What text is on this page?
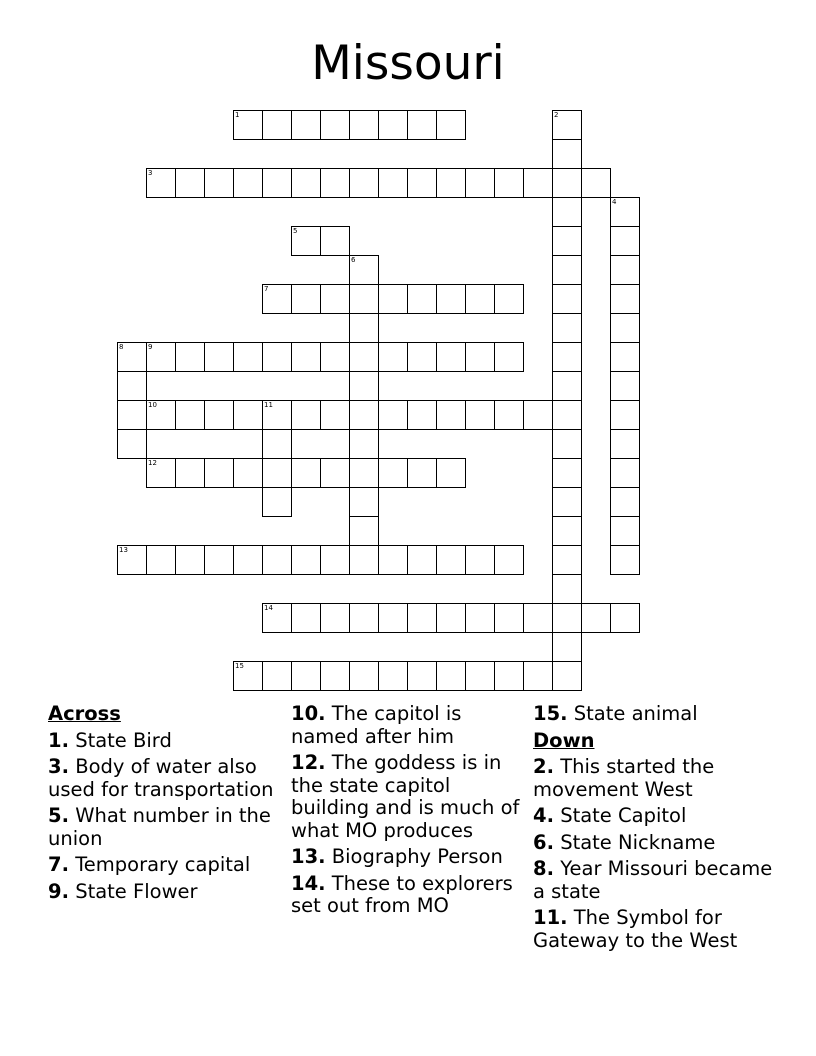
Missouri
1	2
3
4
5
6
7
8	9
10	11
12
13
14
15
Across
1. State Bird
3. Body of water also used for transportation
5. What number in the union
7. Temporary capital
9. State Flower
10. The capitol is named after him
12. The goddess is in the state capitol building and is much of what MO produces
13. Biography Person
14. These to explorers set out from MO
15. State animal
Down
2. This started the movement West
4. State Capitol
6. State Nickname
8. Year Missouri became a state
11. The Symbol for Gateway to the West
